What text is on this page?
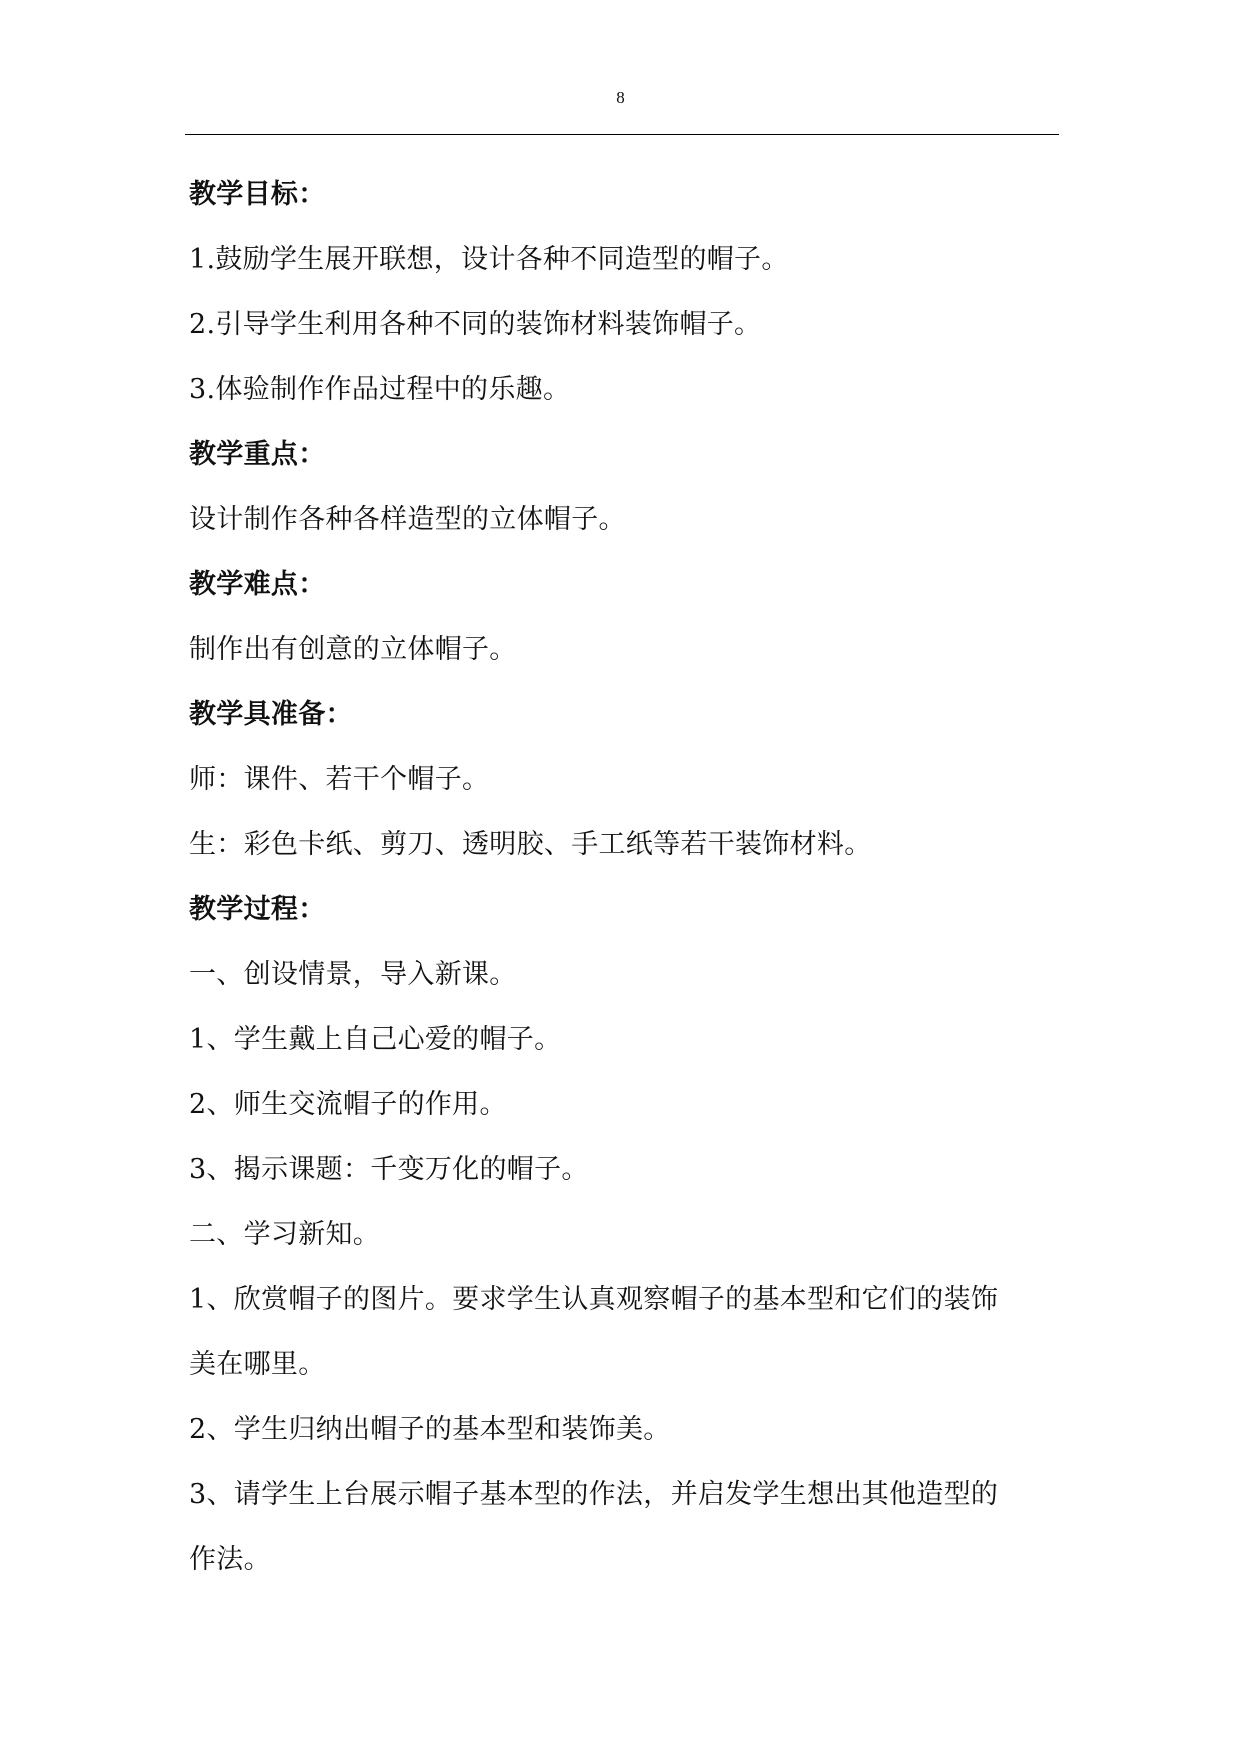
8
教学目标：
1.鼓励学生展开联想，设计各种不同造型的帽子。
2.引导学生利用各种不同的装饰材料装饰帽子。
3.体验制作作品过程中的乐趣。
教学重点：
设计制作各种各样造型的立体帽子。
教学难点：
制作出有创意的立体帽子。
教学具准备：
师：课件、若干个帽子。
生：彩色卡纸、剪刀、透明胶、手工纸等若干装饰材料。
教学过程：
一、创设情景，导入新课。
1、学生戴上自己心爱的帽子。
2、师生交流帽子的作用。
3、揭示课题：千变万化的帽子。
二、学习新知。
1、欣赏帽子的图片。要求学生认真观察帽子的基本型和它们的装饰
美在哪里。
2、学生归纳出帽子的基本型和装饰美。
3、请学生上台展示帽子基本型的作法，并启发学生想出其他造型的
作法。
